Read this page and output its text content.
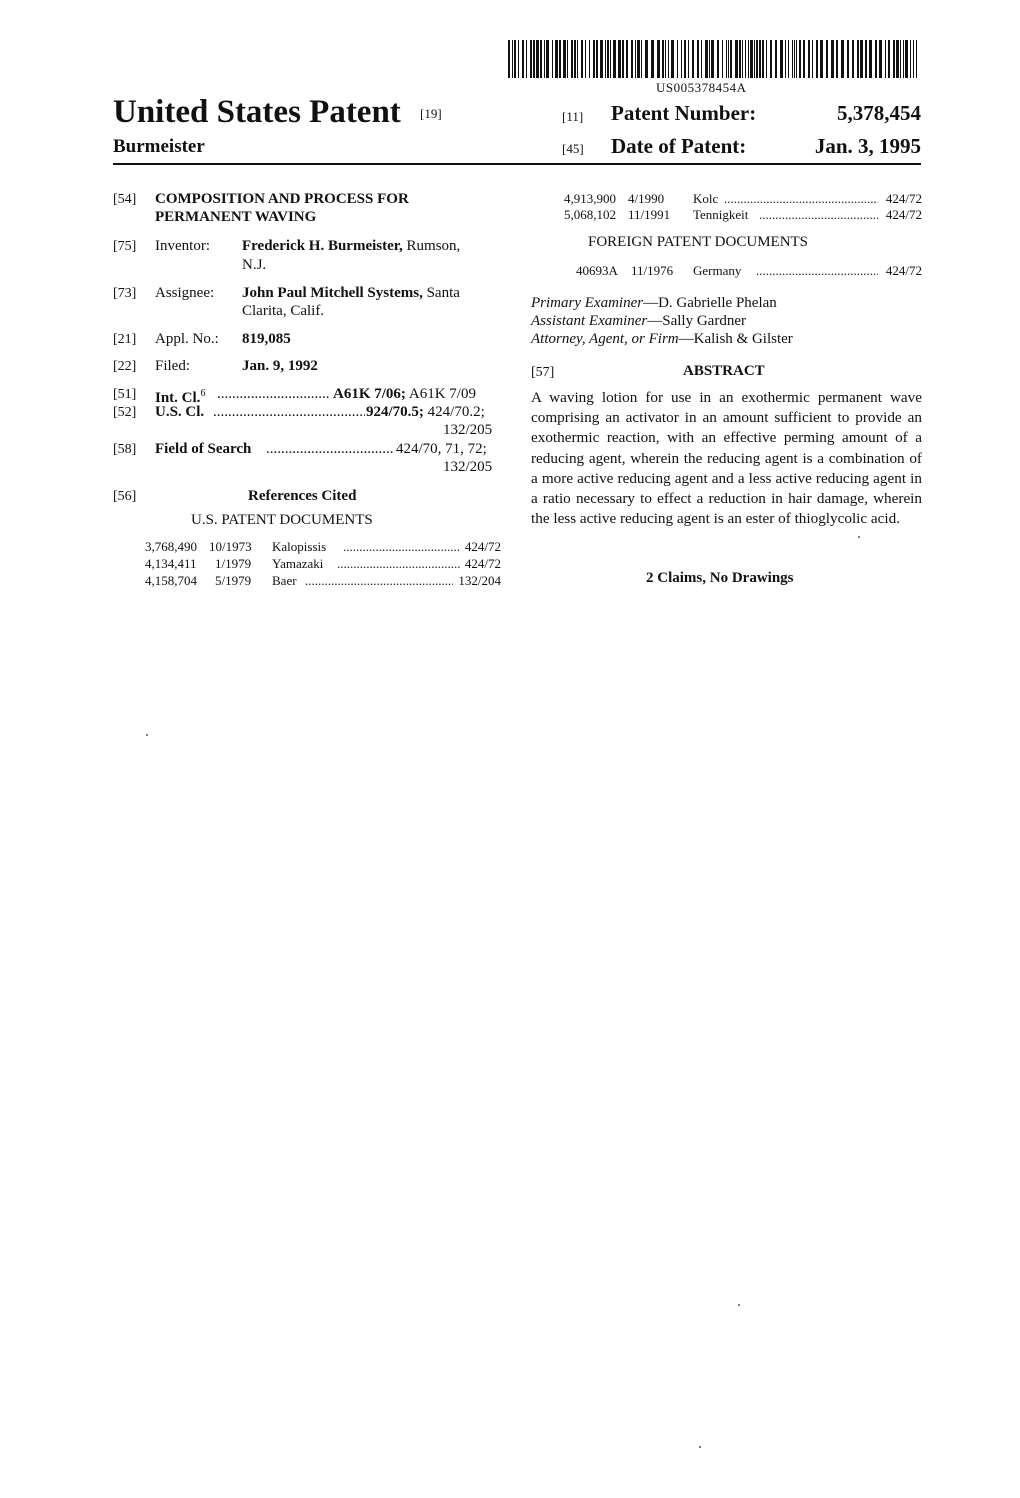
US005378454A
United States Patent [19]
Burmeister
[11] Patent Number:	5,378,454
[45] Date of Patent:	Jan. 3, 1995
[54] COMPOSITION AND PROCESS FOR
PERMANENT WAVING
[75] Inventor: Frederick H. Burmeister, Rumson,
N.J.
[73] Assignee: John Paul Mitchell Systems, Santa
Clarita, Calif.
[21] Appl. No.: 819,085
[22] Filed:	Jan. 9, 1992
[51] Int. Cl.$^6$ .....	A61K 7/06; A61K 7/09
[52] U.S. Cl. .....	924/70.5; 424/70.2;
132/205
[58] Field of Search .....	424/70, 71, 72;
132/205
[56]	References Cited
U.S. PATENT DOCUMENTS
3,768,490 10/1973 Kalopissis .....	424/72
4,134,411 1/1979 Yamazaki .....	424/72
4,158,704 5/1979 Baer .....	132/204
4,913,900 4/1990 Kolc .....	424/72
5,068,102 11/1991 Tennigkeit .....	424/72
FOREIGN PATENT DOCUMENTS
40693A 11/1976 Germany .....	424/72
Primary Examiner—D. Gabrielle Phelan
Assistant Examiner—Sally Gardner
Attorney, Agent, or Firm—Kalish & Gilster
[57]	ABSTRACT
A waving lotion for use in an exothermic permanent wave comprising an activator in an amount sufficient to provide an exothermic reaction, with an effective perming amount of a reducing agent, wherein the reducing agent is a combination of a more active reducing agent and a less active reducing agent in a ratio necessary to effect a reduction in hair damage, wherein the less active reducing agent is an ester of thioglycolic acid.
2 Claims, No Drawings
